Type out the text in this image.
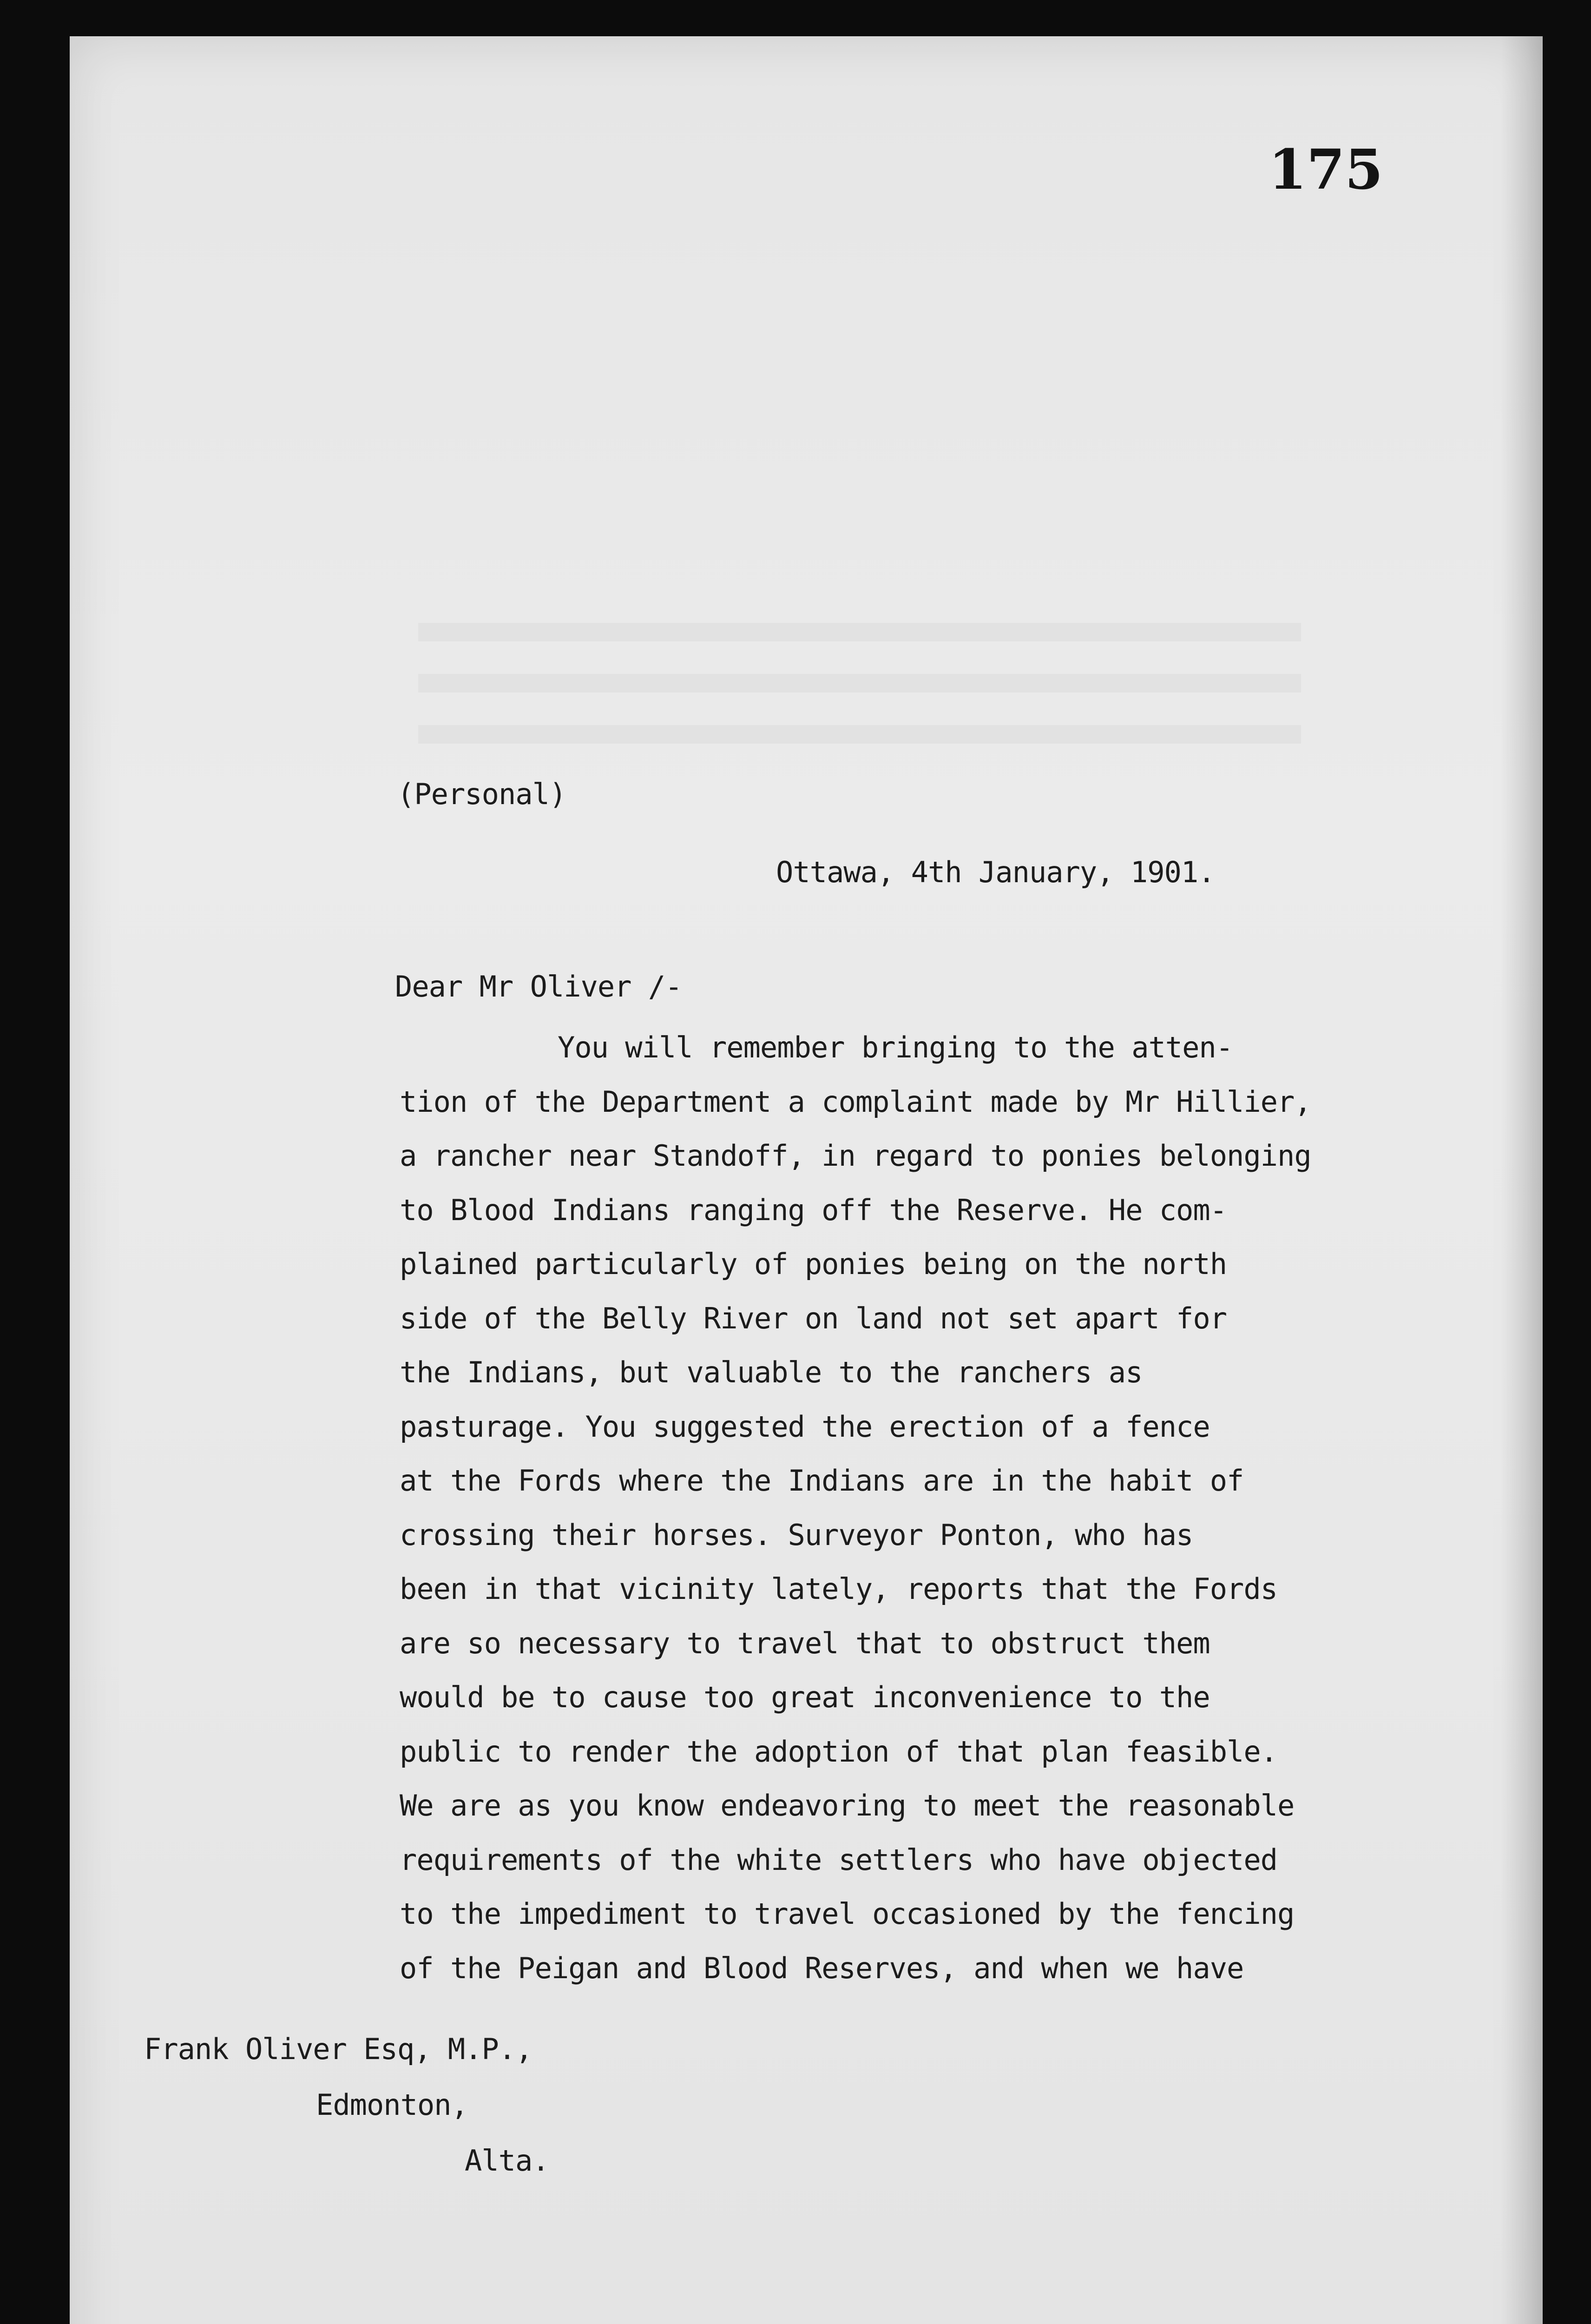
175
(Personal)
Ottawa, 4th January, 1901.
Dear Mr Oliver /-
You will remember bringing to the atten-
tion of the Department a complaint made by Mr Hillier,
a rancher near Standoff, in regard to ponies belonging
to Blood Indians ranging off the Reserve. He com-
plained particularly of ponies being on the north
side of the Belly River on land not set apart for
the Indians, but valuable to the ranchers as
pasturage. You suggested the erection of a fence
at the Fords where the Indians are in the habit of
crossing their horses. Surveyor Ponton, who has
been in that vicinity lately, reports that the Fords
are so necessary to travel that to obstruct them
would be to cause too great inconvenience to the
public to render the adoption of that plan feasible.
We are as you know endeavoring to meet the reasonable
requirements of the white settlers who have objected
to the impediment to travel occasioned by the fencing
of the Peigan and Blood Reserves, and when we have
Frank Oliver Esq, M.P.,
Edmonton,
Alta.
